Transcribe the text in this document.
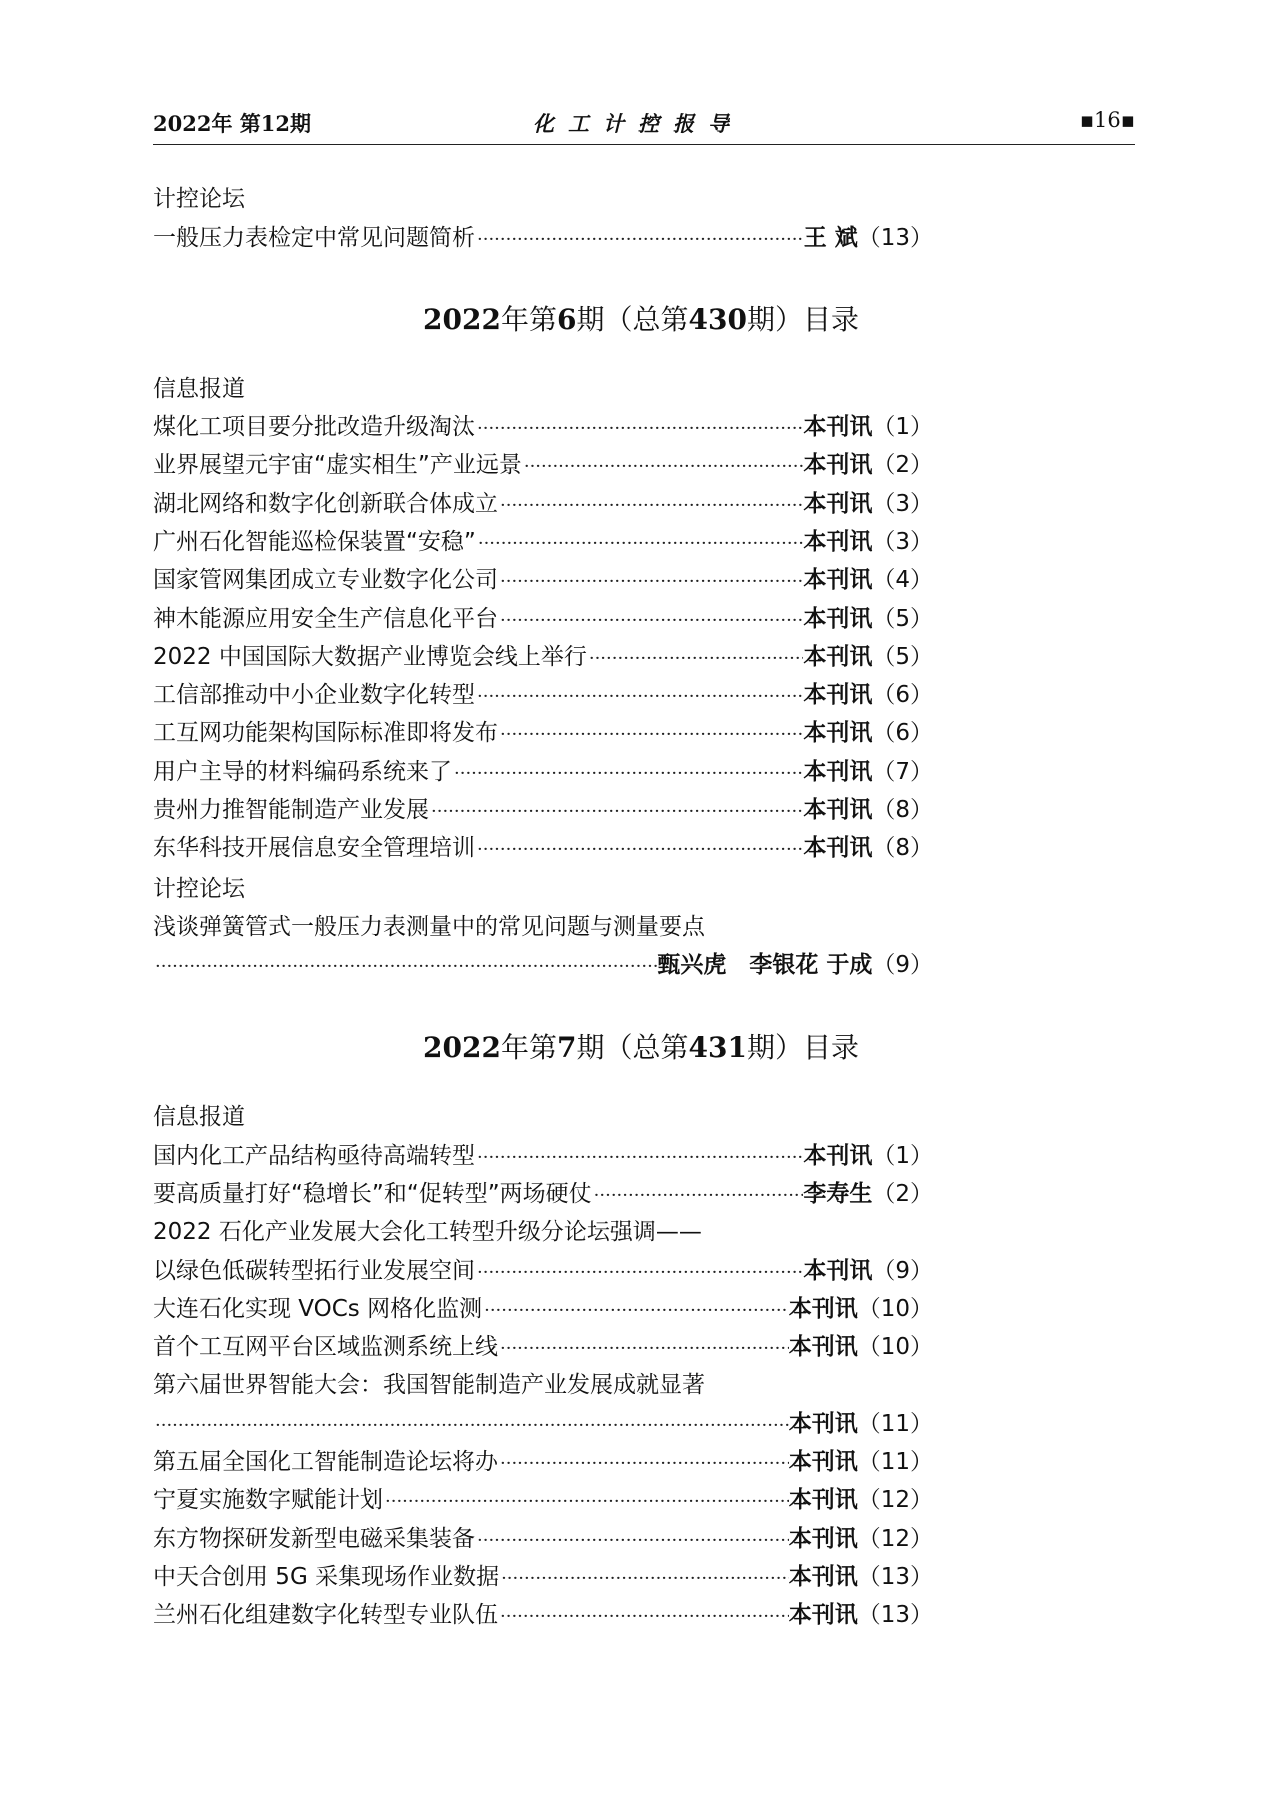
2022年 第12期	化工计控报导	▪16▪
计控论坛
一般压力表检定中常见问题简析 ·····	王 斌 （13）
2022年第6期（总第430期）目录
信息报道
煤化工项目要分批改造升级淘汰 ·····	本刊讯 （1）
业界展望元宇宙“虚实相生”产业远景 ·····	本刊讯 （2）
湖北网络和数字化创新联合体成立 ·····	本刊讯 （3）
广州石化智能巡检保装置“安稳” ·····	本刊讯 （3）
国家管网集团成立专业数字化公司 ·····	本刊讯 （4）
神木能源应用安全生产信息化平台 ·····	本刊讯 （5）
2022 中国国际大数据产业博览会线上举行 ·····	本刊讯 （5）
工信部推动中小企业数字化转型 ·····	本刊讯 （6）
工互网功能架构国际标准即将发布 ·····	本刊讯 （6）
用户主导的材料编码系统来了 ·····	本刊讯 （7）
贵州力推智能制造产业发展 ·····	本刊讯 （8）
东华科技开展信息安全管理培训 ·····	本刊讯 （8）
计控论坛
浅谈弹簧管式一般压力表测量中的常见问题与测量要点
·····
甄兴虎　李银花 于成 （9）
2022年第7期（总第431期）目录
信息报道
国内化工产品结构亟待高端转型 ·····	本刊讯 （1）
要高质量打好“稳增长”和“促转型”两场硬仗 ·····	李寿生 （2）
2022 石化产业发展大会化工转型升级分论坛强调——
以绿色低碳转型拓行业发展空间 ·····	本刊讯 （9）
大连石化实现 VOCs 网格化监测 ·····	本刊讯 （10）
首个工互网平台区域监测系统上线 ·····	本刊讯 （10）
第六届世界智能大会：我国智能制造产业发展成就显著
·····
本刊讯 （11）
第五届全国化工智能制造论坛将办 ·····	本刊讯 （11）
宁夏实施数字赋能计划 ·····	本刊讯 （12）
东方物探研发新型电磁采集装备 ·····	本刊讯 （12）
中天合创用 5G 采集现场作业数据 ·····	本刊讯 （13）
兰州石化组建数字化转型专业队伍 ·····	本刊讯 （13）
